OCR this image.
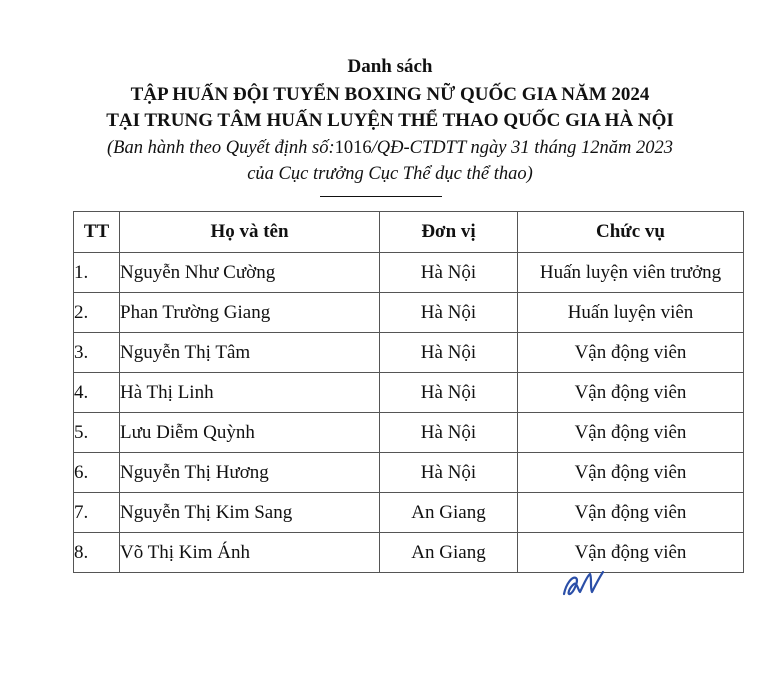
Danh sách
TẬP HUẤN ĐỘI TUYỂN BOXING NỮ QUỐC GIA NĂM 2024
TẠI TRUNG TÂM HUẤN LUYỆN THỂ THAO QUỐC GIA HÀ NỘI
(Ban hành theo Quyết định số:1016/QĐ-CTDTT ngày 31 tháng 12năm 2023
của Cục trưởng Cục Thể dục thể thao)
TT	Họ và tên	Đơn vị	Chức vụ
1.	Nguyễn Như Cường	Hà Nội	Huấn luyện viên trưởng
2.	Phan Trường Giang	Hà Nội	Huấn luyện viên
3.	Nguyễn Thị Tâm	Hà Nội	Vận động viên
4.	Hà Thị Linh	Hà Nội	Vận động viên
5.	Lưu Diễm Quỳnh	Hà Nội	Vận động viên
6.	Nguyễn Thị Hương	Hà Nội	Vận động viên
7.	Nguyễn Thị Kim Sang	An Giang	Vận động viên
8.	Võ Thị Kim Ánh	An Giang	Vận động viên
